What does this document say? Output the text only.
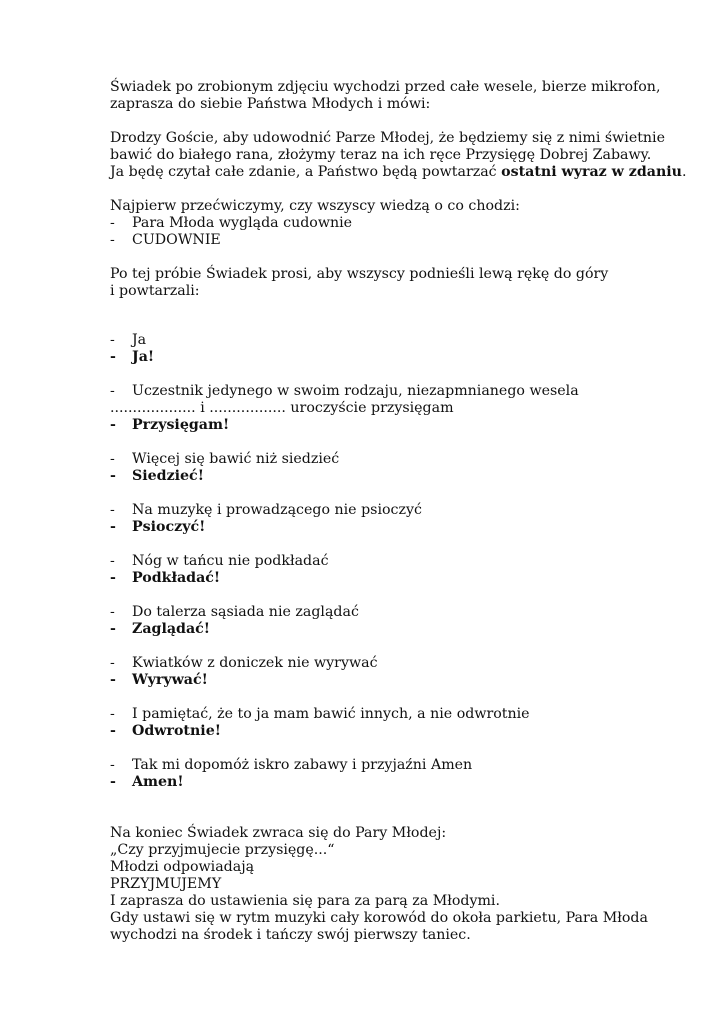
Świadek po zrobionym zdjęciu wychodzi przed całe wesele, bierze mikrofon,
zaprasza do siebie Państwa Młodych i mówi:
Drodzy Goście, aby udowodnić Parze Młodej, że będziemy się z nimi świetnie
bawić do białego rana, złożymy teraz na ich ręce Przysięgę Dobrej Zabawy.
Ja będę czytał całe zdanie, a Państwo będą powtarzać ostatni wyraz w zdaniu.
Najpierw przećwiczymy, czy wszyscy wiedzą o co chodzi:
-	Para Młoda wygląda cudownie
-	CUDOWNIE
Po tej próbie Świadek prosi, aby wszyscy podnieśli lewą rękę do góry
i powtarzali:
-	Ja
-	Ja!
-	Uczestnik jedynego w swoim rodzaju, niezapmnianego wesela
................... i ................. uroczyście przysięgam
-	Przysięgam!
-	Więcej się bawić niż siedzieć
-	Siedzieć!
-	Na muzykę i prowadzącego nie psioczyć
-	Psioczyć!
-	Nóg w tańcu nie podkładać
-	Podkładać!
-	Do talerza sąsiada nie zaglądać
-	Zaglądać!
-	Kwiatków z doniczek nie wyrywać
-	Wyrywać!
-	I pamiętać, że to ja mam bawić innych, a nie odwrotnie
-	Odwrotnie!
-	Tak mi dopomóż iskro zabawy i przyjaźni Amen
-	Amen!
Na koniec Świadek zwraca się do Pary Młodej:
„Czy przyjmujecie przysięgę...“
Młodzi odpowiadają
PRZYJMUJEMY
I zaprasza do ustawienia się para za parą za Młodymi.
Gdy ustawi się w rytm muzyki cały korowód do okoła parkietu, Para Młoda
wychodzi na środek i tańczy swój pierwszy taniec.
